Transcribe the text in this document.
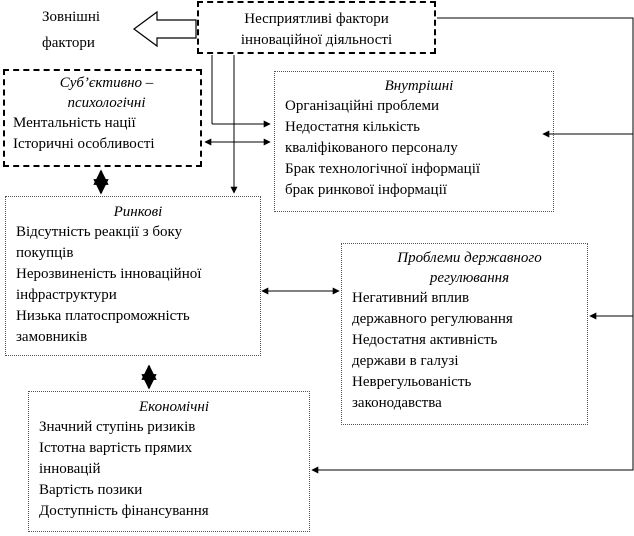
Зовнішні
фактори
Несприятливі фактори
інноваційної діяльності
Суб’єктивно –
психологічні
Ментальність нації
Історичні особливості
Внутрішні
Організаційні проблеми
Недостатня кількість
кваліфікованого персоналу
Брак технологічної інформації
брак ринкової інформації
Ринкові
Відсутність реакції з боку
покупців
Нерозвиненість інноваційної
інфраструктури
Низька платоспроможність
замовників
Проблеми державного
регулювання
Негативний вплив
державного регулювання
Недостатня активність
держави в галузі
Неврегульованість
законодавства
Економічні
Значний ступінь ризиків
Істотна вартість прямих
інновацій
Вартість позики
Доступність фінансування
